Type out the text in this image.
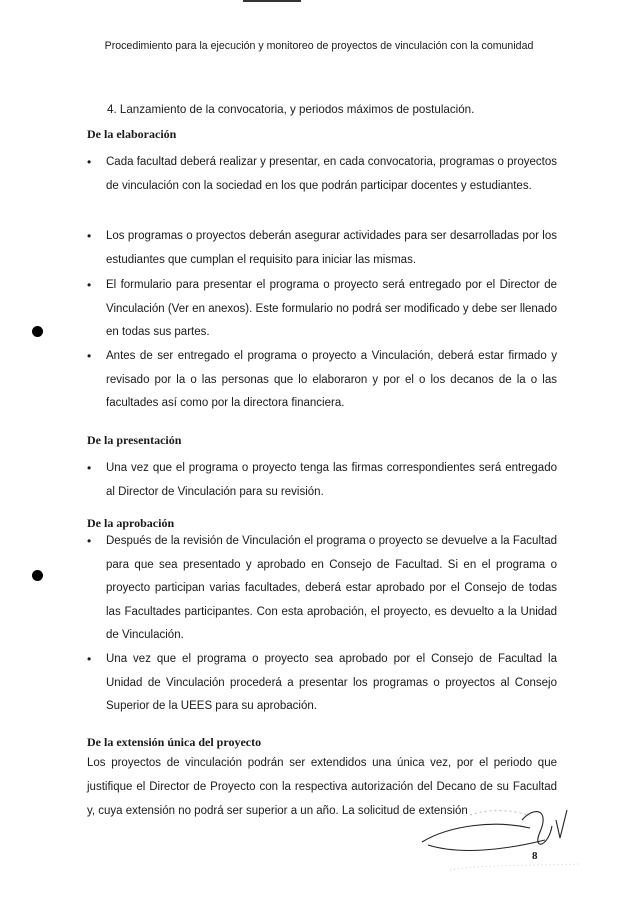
Procedimiento para la ejecución y monitoreo de proyectos de vinculación con la comunidad
4. Lanzamiento de la convocatoria, y periodos máximos de postulación.
De la elaboración
• Cada facultad deberá realizar y presentar, en cada convocatoria, programas o proyectos de vinculación con la sociedad en los que podrán participar docentes y estudiantes.
• Los programas o proyectos deberán asegurar actividades para ser desarrolladas por los estudiantes que cumplan el requisito para iniciar las mismas.
• El formulario para presentar el programa o proyecto será entregado por el Director de Vinculación (Ver en anexos). Este formulario no podrá ser modificado y debe ser llenado en todas sus partes.
• Antes de ser entregado el programa o proyecto a Vinculación, deberá estar firmado y revisado por la o las personas que lo elaboraron y por el o los decanos de la o las facultades así como por la directora financiera.
De la presentación
• Una vez que el programa o proyecto tenga las firmas correspondientes será entregado al Director de Vinculación para su revisión.
De la aprobación
• Después de la revisión de Vinculación el programa o proyecto se devuelve a la Facultad para que sea presentado y aprobado en Consejo de Facultad. Si en el programa o proyecto participan varias facultades, deberá estar aprobado por el Consejo de todas las Facultades participantes. Con esta aprobación, el proyecto, es devuelto a la Unidad de Vinculación.
• Una vez que el programa o proyecto sea aprobado por el Consejo de Facultad la Unidad de Vinculación procederá a presentar los programas o proyectos al Consejo Superior de la UEES para su aprobación.
De la extensión única del proyecto
Los proyectos de vinculación podrán ser extendidos una única vez, por el periodo que justifique el Director de Proyecto con la respectiva autorización del Decano de su Facultad y, cuya extensión no podrá ser superior a un año. La solicitud de extensión
8
